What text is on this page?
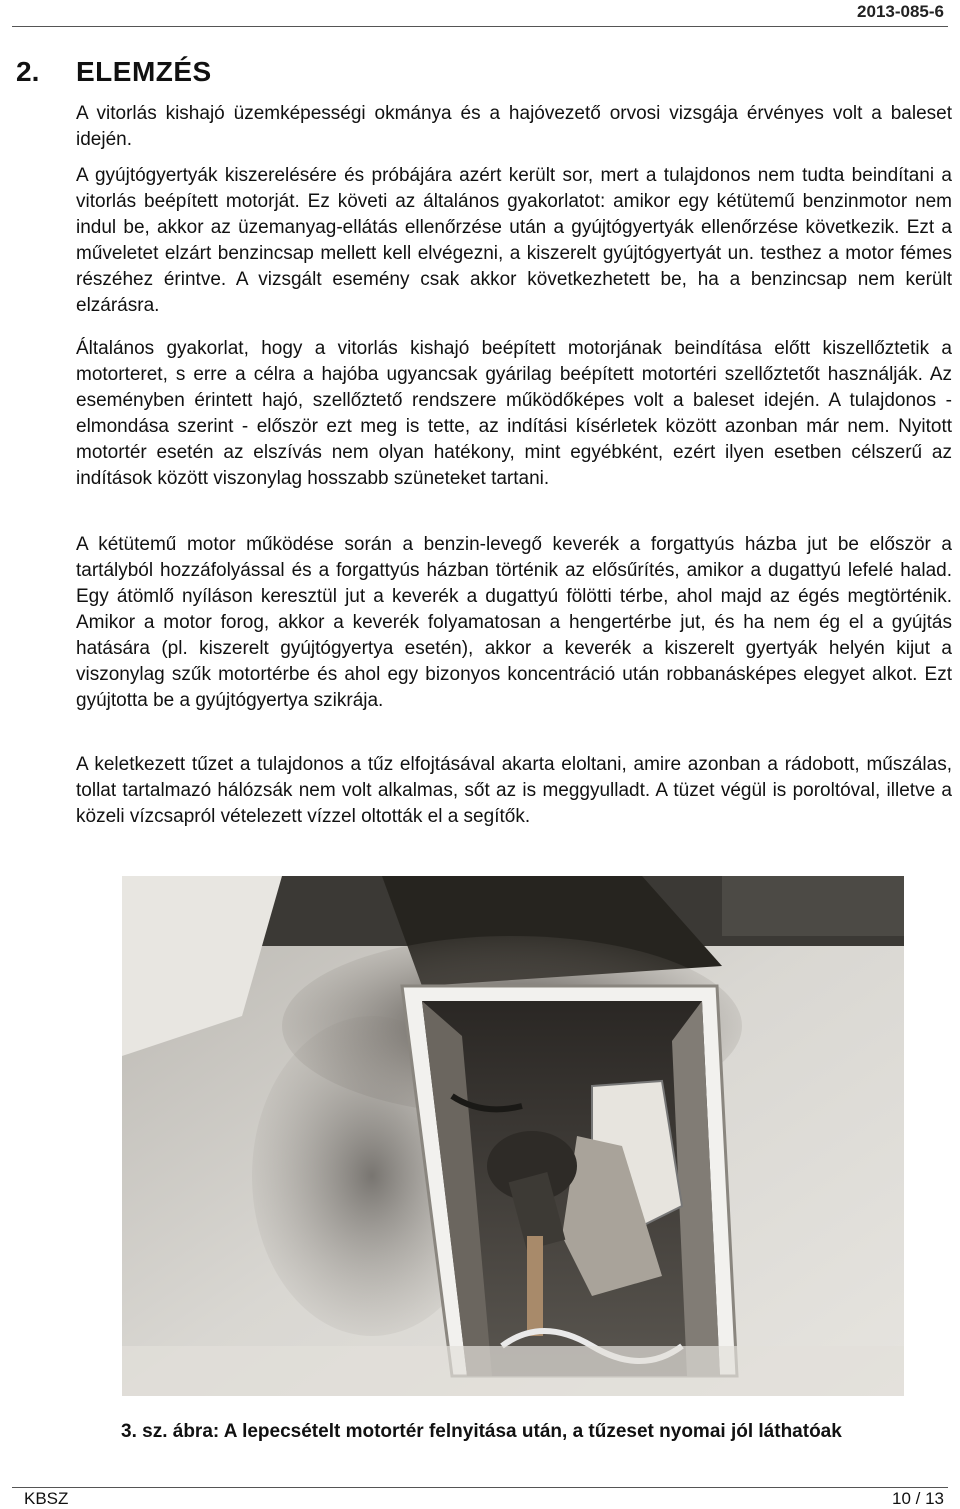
2013-085-6
2. ELEMZÉS

A vitorlás kishajó üzemképességi okmánya és a hajóvezető orvosi vizsgája érvényes volt a baleset idején.

A gyújtógyertyák kiszerelésére és próbájára azért került sor, mert a tulajdonos nem tudta beindítani a vitorlás beépített motorját. Ez követi az általános gyakorlatot: amikor egy kétütemű benzinmotor nem indul be, akkor az üzemanyag-ellátás ellenőrzése után a gyújtógyertyák ellenőrzése következik. Ezt a műveletet elzárt benzincsap mellett kell elvégezni, a kiszerelt gyújtógyertyát un. testhez a motor fémes részéhez érintve. A vizsgált esemény csak akkor következhetett be, ha a benzincsap nem került elzárásra.

Általános gyakorlat, hogy a vitorlás kishajó beépített motorjának beindítása előtt kiszellőztetik a motorteret, s erre a célra a hajóba ugyancsak gyárilag beépített motortéri szellőztetőt használják. Az eseményben érintett hajó, szellőztető rendszere működőképes volt a baleset idején. A tulajdonos - elmondása szerint - először ezt meg is tette, az indítási kísérletek között azonban már nem. Nyitott motortér esetén az elszívás nem olyan hatékony, mint egyébként, ezért ilyen esetben célszerű az indítások között viszonylag hosszabb szüneteket tartani.

A kétütemű motor működése során a benzin-levegő keverék a forgattyús házba jut be először a tartályból hozzáfolyással és a forgattyús házban történik az elősűrítés, amikor a dugattyú lefelé halad. Egy átömlő nyíláson keresztül jut a keverék a dugattyú fölötti térbe, ahol majd az égés megtörténik. Amikor a motor forog, akkor a keverék folyamatosan a hengertérbe jut, és ha nem ég el a gyújtás hatására (pl. kiszerelt gyújtógyertya esetén), akkor a keverék a kiszerelt gyertyák helyén kijut a viszonylag szűk motortérbe és ahol egy bizonyos koncentráció után robbanásképes elegyet alkot. Ezt gyújtotta be a gyújtógyertya szikrája.

A keletkezett tűzet a tulajdonos a tűz elfojtásával akarta eloltani, amire azonban a rádobott, műszálas, tollat tartalmazó hálózsák nem volt alkalmas, sőt az is meggyulladt. A tüzet végül is poroltóval, illetve a közeli vízcsapról vételezett vízzel oltották el a segítők.

3. sz. ábra: A lepecsételt motortér felnyitása után, a tűzeset nyomai jól láthatóak
KBSZ	10 / 13
